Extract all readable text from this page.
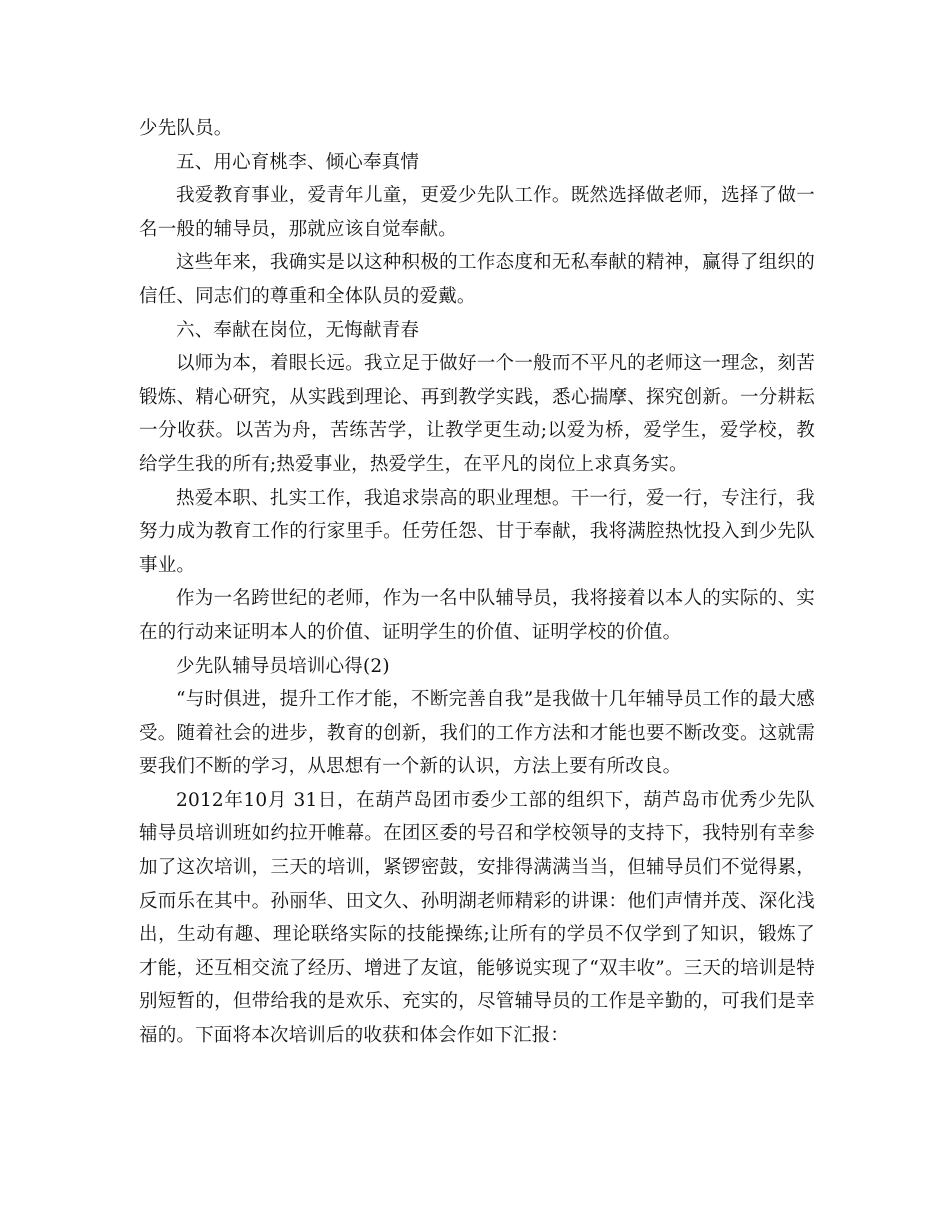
少先队员。

五、用心育桃李、倾心奉真情

我爱教育事业，爱青年儿童，更爱少先队工作。既然选择做老师，选择了做一名一般的辅导员，那就应该自觉奉献。

这些年来，我确实是以这种积极的工作态度和无私奉献的精神，赢得了组织的信任、同志们的尊重和全体队员的爱戴。

六、奉献在岗位，无悔献青春

以师为本，着眼长远。我立足于做好一个一般而不平凡的老师这一理念，刻苦锻炼、精心研究，从实践到理论、再到教学实践，悉心揣摩、探究创新。一分耕耘一分收获。以苦为舟，苦练苦学，让教学更生动;以爱为桥，爱学生，爱学校，教给学生我的所有;热爱事业，热爱学生，在平凡的岗位上求真务实。

热爱本职、扎实工作，我追求崇高的职业理想。干一行，爱一行，专注行，我努力成为教育工作的行家里手。任劳任怨、甘于奉献，我将满腔热忱投入到少先队事业。

作为一名跨世纪的老师，作为一名中队辅导员，我将接着以本人的实际的、实在的行动来证明本人的价值、证明学生的价值、证明学校的价值。

少先队辅导员培训心得(2)

“与时俱进，提升工作才能，不断完善自我”是我做十几年辅导员工作的最大感受。随着社会的进步，教育的创新，我们的工作方法和才能也要不断改变。这就需要我们不断的学习，从思想有一个新的认识，方法上要有所改良。

2012年10月 31日，在葫芦岛团市委少工部的组织下，葫芦岛市优秀少先队辅导员培训班如约拉开帷幕。在团区委的号召和学校领导的支持下，我特别有幸参加了这次培训，三天的培训，紧锣密鼓，安排得满满当当，但辅导员们不觉得累，反而乐在其中。孙丽华、田文久、孙明湖老师精彩的讲课：他们声情并茂、深化浅出，生动有趣、理论联络实际的技能操练;让所有的学员不仅学到了知识，锻炼了才能，还互相交流了经历、增进了友谊，能够说实现了“双丰收”。三天的培训是特别短暂的，但带给我的是欢乐、充实的，尽管辅导员的工作是辛勤的，可我们是幸福的。下面将本次培训后的收获和体会作如下汇报：
